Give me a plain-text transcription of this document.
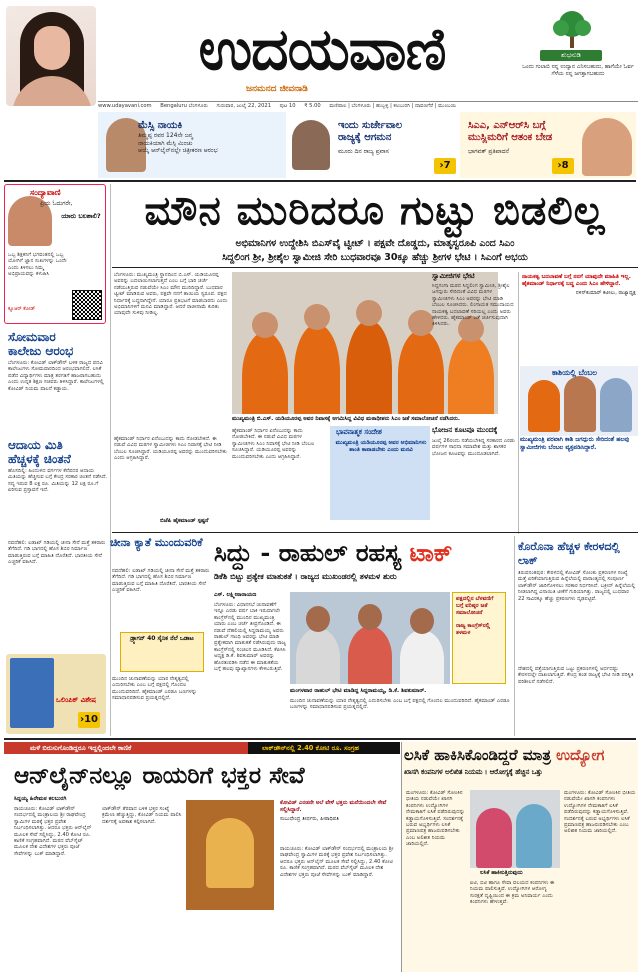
ಉದಯವಾಣಿ
ಜನಮನದ ಜೀವನಾಡಿ
ಶುಭನುಡಿ
ಒಂದು ಗುಲಾಬಿ ನನ್ನ ಉದ್ಯಾನ ಎನಿಸಬಹುದು, ಹಾಗೆಯೇ ಓರ್ವ ಗೆಳೆಯ ನನ್ನ ಜಗತ್ತಾಗಬಹುದು
www.udayavani.com Bengaluru ಬೆಂಗಳೂರು ಗುರುವಾರ, ಜುಲೈ 22, 2021 ಪುಟ 10 ₹ 5.00 ಮಣಿಪಾಲ | ಬೆಂಗಳೂರು | ಹುಬ್ಬಳ್ಳಿ | ಕಲಬುರಗಿ | ದಾವಣಗೆರೆ | ಮುಂಬಯಿ
ಮೆಸ್ಸಿ ನಾಯಕಿ
ತಿಮ್ಮಪ್ಪ ರವರ 124ನೇ ಜನ್ಮ
ನಾಯಕಿಯಾಗಿ ಮೆಸ್ಸಿ ಮಿಂಚು
ಆಯ್ಕೆ ಆನ್‌ಲೈನ್‌ನಲ್ಲೇ ಚಿತ್ರೀಕರಣ ಆರಂಭ
ಇಂದು ಸುರ್ಜೇವಾಲ
ರಾಜ್ಯಕ್ಕೆ ಆಗಮನ
ಮೂರು ದಿನ ರಾಜ್ಯ ಪ್ರವಾಸ
›7
ಸಿಎಎ, ಎನ್‌ಆರ್‌ಸಿ ಬಗ್ಗೆ
ಮುಸ್ಲಿಮರಿಗೆ ಆತಂಕ ಬೇಡ
ಭಾಗವತ್ ಪ್ರತಿಪಾದನೆ
›8
ಸಂದ್ಯಾವಾಣಿ
ಪ್ರಿಯ ಓದುಗರೇ,
ಯಾರು ಬಲಶಾಲಿ?
ಒಬ್ಬ ಶಿಕ್ಷಕನಿಗೆ ಭಗವಂತನಲ್ಲಿ ಒಬ್ಬ ಯೋಗಿಗೆ ಜ್ಞಾನ ಸುಖಗಳನ್ನು ಒಂದೇ ಎಂದು ತಿಳಿಸಲು ನಿಮ್ಮ ಅಭಿಪ್ರಾಯವನ್ನು ಕಳುಹಿಸಿ
ಕ್ಯೂಆರ್ ಕೋಡ್
ಸೋಮವಾರ
ಕಾಲೇಜು ಆರಂಭ
ಬೆಂಗಳೂರು: ಕೋವಿಡ್ ಲಾಕ್‌ಡೌನ್ ಬಳಿಕ ರಾಜ್ಯದ ಪದವಿ ಕಾಲೇಜುಗಳು ಸೋಮವಾರದಿಂದ ಆರಂಭವಾಗಲಿದೆ. ಲಸಿಕೆ ಪಡೆದ ವಿದ್ಯಾರ್ಥಿಗಳು ಮಾತ್ರ ತರಗತಿಗೆ ಹಾಜರಾಗಬಹುದು ಎಂದು ಉನ್ನತ ಶಿಕ್ಷಣ ಸಚಿವರು ತಿಳಿಸಿದ್ದಾರೆ. ಕಾಲೇಜುಗಳಲ್ಲಿ ಕೋವಿಡ್ ನಿಯಮ ಪಾಲನೆ ಕಡ್ಡಾಯ.
ಆದಾಯ ಮಿತಿ
ಹೆಚ್ಚಳಕ್ಕೆ ಚಿಂತನೆ
ಹೊಸದಿಲ್ಲಿ: ಹಿಂದುಳಿದ ವರ್ಗಗಳ ಕೆನೆಪದರ ಆದಾಯ ಮಿತಿಯನ್ನು ಹೆಚ್ಚಿಸುವ ಬಗ್ಗೆ ಕೇಂದ್ರ ಸರಕಾರ ಚಿಂತನೆ ನಡೆಸಿದೆ. ಸದ್ಯ ಇರುವ 8 ಲಕ್ಷ ರೂ. ಮಿತಿಯನ್ನು 12 ಲಕ್ಷ ರೂ.ಗೆ ಏರಿಸುವ ಪ್ರಸ್ತಾವನೆ ಇದೆ.
ನವದೆಹಲಿ: ಲಡಾಖ್ ಗಡಿಯಲ್ಲಿ ಚೀನಾ ಸೇನೆ ಮತ್ತೆ ತಕರಾರು ತೆಗೆದಿದೆ. ಗಡಿ ಭಾಗದಲ್ಲಿ ಹೊಸ ಶಿಬಿರ ನಿರ್ಮಾಣ ಮಾಡುತ್ತಿರುವ ಬಗ್ಗೆ ಮಾಹಿತಿ ದೊರೆತಿದೆ. ಭಾರತೀಯ ಸೇನೆ ಎಚ್ಚರಿಕೆ ವಹಿಸಿದೆ.
›10
ಒಲಿಂಪಿಕ್ ವಿಶೇಷ
ಮೌನ ಮುರಿದರೂ ಗುಟ್ಟು ಬಿಡಲಿಲ್ಲ
ಅಭಿಮಾನಿಗಳ ಉದ್ದೇಶಿಸಿ ಬಿಎಸ್‌ವೈ ಟ್ವೀಟ್ । ಪಕ್ಷವೇ ದೊಡ್ಡದು, ಮಾತೃಸ್ವರೂಪಿ ಎಂದ ಸಿಎಂ
ಸಿದ್ದಲಿಂಗ ಶ್ರೀ, ಶ್ರೀಶೈಲ ಸ್ವಾಮೀಜಿ ಸೇರಿ ಬುಧವಾರವೂ 30ಕ್ಕೂ ಹೆಚ್ಚು ಶ್ರೀಗಳ ಭೇಟಿ । ಸಿಎಂಗೆ ಅಭಯ
ಬೆಂಗಳೂರು: ಮುಖ್ಯಮಂತ್ರಿ ಸ್ಥಾನದಿಂದ ಬಿ.ಎಸ್. ಯಡಿಯೂರಪ್ಪ ಅವರನ್ನು ಬದಲಾಯಿಸಲಾಗುತ್ತದೆ ಎಂಬ ಬಗ್ಗೆ ಭಾರಿ ಚರ್ಚೆ ನಡೆಯುತ್ತಿರುವ ನಡುವೆಯೇ ಸಿಎಂ ಮೌನ ಮುರಿದಿದ್ದಾರೆ. ಬುಧವಾರ ಟ್ವೀಟ್ ಮಾಡಿರುವ ಅವರು, ಪಕ್ಷವೇ ನನಗೆ ತಾಯಿಯ ಸ್ವರೂಪ. ಪಕ್ಷದ ನಿರ್ಧಾರಕ್ಕೆ ಬದ್ಧನಾಗಿದ್ದೇನೆ. ಯಾರೂ ಪ್ರತಿಭಟನೆ ಮಾಡಬಾರದು ಎಂದು ಅಭಿಮಾನಿಗಳಿಗೆ ಮನವಿ ಮಾಡಿದ್ದಾರೆ. ಆದರೆ ರಾಜೀನಾಮೆ ಕುರಿತು ಯಾವುದೇ ಸುಳಿವು ನೀಡಿಲ್ಲ.
ಹೈಕಮಾಂಡ್ ನಿರ್ಧಾರ ಏನೆಂಬುದನ್ನು ಕಾದು ನೋಡಬೇಕಿದೆ. ಈ ನಡುವೆ ವಿವಿಧ ಮಠಗಳ ಸ್ವಾಮೀಜಿಗಳು ಸಿಎಂ ನಿವಾಸಕ್ಕೆ ಭೇಟಿ ನೀಡಿ ಬೆಂಬಲ ಸೂಚಿಸಿದ್ದಾರೆ. ಯಡಿಯೂರಪ್ಪ ಅವರನ್ನು ಮುಂದುವರಿಸಬೇಕು ಎಂದು ಆಗ್ರಹಿಸಿದ್ದಾರೆ.
ಬಿಜೆಪಿ ಹೈಕಮಾಂಡ್ ಸ್ಪಷ್ಟನೆ
ಮುಖ್ಯಮಂತ್ರಿ ಬಿ.ಎಸ್. ಯಡಿಯೂರಪ್ಪ ಅವರ ನಿವಾಸಕ್ಕೆ ಆಗಮಿಸಿದ್ದ ವಿವಿಧ ಮಠಾಧೀಶರು ಸಿಎಂ ಜತೆ ಸಮಾಲೋಚನೆ ನಡೆಸಿದರು.
ಸ್ವಾಮೀಜಿಗಳ ಭೇಟಿ
ಸಿದ್ದಗಂಗಾ ಮಠದ ಸಿದ್ದಲಿಂಗ ಸ್ವಾಮೀಜಿ, ಶ್ರೀಶೈಲ ಜಗದ್ಗುರು ಸೇರಿದಂತೆ ವಿವಿಧ ಮಠಗಳ ಸ್ವಾಮೀಜಿಗಳು ಸಿಎಂ ಅವರನ್ನು ಭೇಟಿ ಮಾಡಿ ಬೆಂಬಲ ಸೂಚಿಸಿದರು. ಲಿಂಗಾಯತ ಸಮುದಾಯದ ನಾಯಕತ್ವ ಬದಲಾವಣೆ ಸರಿಯಲ್ಲ ಎಂದು ಅವರು ಹೇಳಿದರು. ಹೈಕಮಾಂಡ್ ಜತೆ ಚರ್ಚಿಸುವುದಾಗಿ ತಿಳಿಸಿದರು.
ನಾಯಕತ್ವ ಬದಲಾವಣೆ ಬಗ್ಗೆ ನನಗೆ ಯಾವುದೇ ಮಾಹಿತಿ ಇಲ್ಲ. ಹೈಕಮಾಂಡ್ ನಿರ್ಧಾರಕ್ಕೆ ಬದ್ಧ ಎಂದು ಸಿಎಂ ಹೇಳಿದ್ದಾರೆ.
ನಳಿನ್‌ಕುಮಾರ್ ಕಟೀಲು, ರಾಜ್ಯಾಧ್ಯಕ್ಷ
ಕಾಶಿಯಲ್ಲಿ ಬೆಂಬಲ
ಮುಖ್ಯಮಂತ್ರಿ ಪರವಾಗಿ ಕಾಶಿ ಜಗದ್ಗುರು ಸೇರಿದಂತೆ ಹಲವು ಸ್ವಾಮೀಜಿಗಳು ಬೆಂಬಲ ವ್ಯಕ್ತಪಡಿಸಿದ್ದಾರೆ.
ಭಾವನಾತ್ಮಕ ಸಂದೇಶ
ಮುಖ್ಯಮಂತ್ರಿ ಯಡಿಯೂರಪ್ಪ ಅವರ ಅಭಿಮಾನಿಗಳು ಶಾಂತಿ ಕಾಪಾಡಬೇಕು ಎಂದು ಮನವಿ
ಹೈಕಮಾಂಡ್ ನಿರ್ಧಾರ ಏನೆಂಬುದನ್ನು ಕಾದು ನೋಡಬೇಕಿದೆ. ಈ ನಡುವೆ ವಿವಿಧ ಮಠಗಳ ಸ್ವಾಮೀಜಿಗಳು ಸಿಎಂ ನಿವಾಸಕ್ಕೆ ಭೇಟಿ ನೀಡಿ ಬೆಂಬಲ ಸೂಚಿಸಿದ್ದಾರೆ. ಯಡಿಯೂರಪ್ಪ ಅವರನ್ನು ಮುಂದುವರಿಸಬೇಕು ಎಂದು ಆಗ್ರಹಿಸಿದ್ದಾರೆ.
ಭೋಜನ ಕೂಟವೂ ಮುಂದಕ್ಕೆ
ಜುಲೈ 26ರಂದು ನಡೆಯಬೇಕಿದ್ದ ಸರಕಾರದ ಎರಡು ವರ್ಷಗಳ ಸಾಧನಾ ಸಮಾವೇಶ ಮತ್ತು ಶಾಸಕರ ಭೋಜನ ಕೂಟವನ್ನು ಮುಂದೂಡಲಾಗಿದೆ.
ಚೀನಾ ಕ್ಯಾತೆ ಮುಂದುವರಿಕೆ
ನವದೆಹಲಿ: ಲಡಾಖ್ ಗಡಿಯಲ್ಲಿ ಚೀನಾ ಸೇನೆ ಮತ್ತೆ ತಕರಾರು ತೆಗೆದಿದೆ. ಗಡಿ ಭಾಗದಲ್ಲಿ ಹೊಸ ಶಿಬಿರ ನಿರ್ಮಾಣ ಮಾಡುತ್ತಿರುವ ಬಗ್ಗೆ ಮಾಹಿತಿ ದೊರೆತಿದೆ. ಭಾರತೀಯ ಸೇನೆ ಎಚ್ಚರಿಕೆ ವಹಿಸಿದೆ.
ಡ್ರ್ಯಾಗನ್ 40 ಸೈನಿಕ ನೆಲೆ ಒಡಾಟ
ಮುಂದಿನ ಚುನಾವಣೆಯನ್ನು ಯಾರ ನೇತೃತ್ವದಲ್ಲಿ ಎದುರಿಸಬೇಕು ಎಂಬ ಬಗ್ಗೆ ಪಕ್ಷದಲ್ಲಿ ಗೊಂದಲ ಮುಂದುವರಿದಿದೆ. ಹೈಕಮಾಂಡ್ ಎರಡೂ ಬಣಗಳನ್ನು ಸಮಾಧಾನಪಡಿಸುವ ಪ್ರಯತ್ನದಲ್ಲಿದೆ.
ಸಿದ್ದು - ರಾಹುಲ್ ರಹಸ್ಯ ಟಾಕ್
ಡಿಕೆಶಿ ಬಿಟ್ಟು ಪ್ರತ್ಯೇಕ ಮಾತುಕತೆ । ರಾಜ್ಯದ ಮುಖಂಡರಲ್ಲಿ ತಳಮಳ ಶುರು
ಎಸ್. ಲಕ್ಷ್ಮೀನಾರಾಯಣ
ಬೆಂಗಳೂರು: ವಿಧಾನಸಭೆ ಚುನಾವಣೆಗೆ ಇನ್ನೂ ಎರಡು ವರ್ಷ ಬಾಕಿ ಇರುವಾಗಲೇ ಕಾಂಗ್ರೆಸ್‌ನಲ್ಲಿ ಮುಂದಿನ ಮುಖ್ಯಮಂತ್ರಿ ಯಾರು ಎಂಬ ಚರ್ಚೆ ತೀವ್ರಗೊಂಡಿದೆ. ಈ ನಡುವೆ ದೆಹಲಿಯಲ್ಲಿ ಸಿದ್ದರಾಮಯ್ಯ ಅವರು ರಾಹುಲ್ ಗಾಂಧಿ ಅವರನ್ನು ಭೇಟಿ ಮಾಡಿ ಪ್ರತ್ಯೇಕವಾಗಿ ಮಾತುಕತೆ ನಡೆಸಿರುವುದು ರಾಜ್ಯ ಕಾಂಗ್ರೆಸ್‌ನಲ್ಲಿ ಸಂಚಲನ ಮೂಡಿಸಿದೆ. ಕೆಪಿಸಿಸಿ ಅಧ್ಯಕ್ಷ ಡಿ.ಕೆ. ಶಿವಕುಮಾರ್ ಅವರನ್ನು ಹೊರತುಪಡಿಸಿ ನಡೆದ ಈ ಮಾತುಕತೆಯ ಬಗ್ಗೆ ಹಲವು ವ್ಯಾಖ್ಯಾನಗಳು ಕೇಳಿಬರುತ್ತಿವೆ.
ಮಂಗಳವಾರ ರಾಹುಲ್ ಭೇಟಿ ಮಾಡಿದ್ದ ಸಿದ್ದರಾಮಯ್ಯ, ಡಿ.ಕೆ. ಶಿವಕುಮಾರ್.
ಪಕ್ಷದಲ್ಲಿನ ಬೆಳವಣಿಗೆ ಬಗ್ಗೆ ವರಿಷ್ಠರ ಜತೆ ಸಮಾಲೋಚನೆ
ರಾಜ್ಯ ಕಾಂಗ್ರೆಸ್‌ನಲ್ಲಿ ತಳಮಳ
ಮುಂದಿನ ಚುನಾವಣೆಯನ್ನು ಯಾರ ನೇತೃತ್ವದಲ್ಲಿ ಎದುರಿಸಬೇಕು ಎಂಬ ಬಗ್ಗೆ ಪಕ್ಷದಲ್ಲಿ ಗೊಂದಲ ಮುಂದುವರಿದಿದೆ. ಹೈಕಮಾಂಡ್ ಎರಡೂ ಬಣಗಳನ್ನು ಸಮಾಧಾನಪಡಿಸುವ ಪ್ರಯತ್ನದಲ್ಲಿದೆ.
ಕೊರೊನಾ ಹೆಚ್ಚಳ ಕೇರಳದಲ್ಲಿ ಲಾಕ್
ತಿರುವನಂತಪುರ: ಕೇರಳದಲ್ಲಿ ಕೋವಿಡ್ ಸೋಂಕು ಪ್ರಕರಣಗಳ ಸಂಖ್ಯೆ ಮತ್ತೆ ಏರಿಕೆಯಾಗುತ್ತಿರುವ ಹಿನ್ನೆಲೆಯಲ್ಲಿ ವಾರಾಂತ್ಯದಲ್ಲಿ ಸಂಪೂರ್ಣ ಲಾಕ್‌ಡೌನ್ ಜಾರಿಗೊಳಿಸಲು ಸರಕಾರ ನಿರ್ಧರಿಸಿದೆ. ಬಕ್ರೀದ್ ಹಿನ್ನೆಲೆಯಲ್ಲಿ ನೀಡಲಾಗಿದ್ದ ವಿನಾಯಿತಿ ಟೀಕೆಗೆ ಗುರಿಯಾಗಿತ್ತು. ರಾಜ್ಯದಲ್ಲಿ ಬುಧವಾರ 22 ಸಾವಿರಕ್ಕೂ ಹೆಚ್ಚು ಪ್ರಕರಣಗಳು ದೃಢಪಟ್ಟಿವೆ.
ದೇಶದಲ್ಲಿ ಪತ್ತೆಯಾಗುತ್ತಿರುವ ಒಟ್ಟು ಪ್ರಕರಣಗಳಲ್ಲಿ ಅರ್ಧದಷ್ಟು ಕೇರಳದಲ್ಲೇ ದಾಖಲಾಗುತ್ತಿವೆ. ಕೇಂದ್ರ ತಂಡ ರಾಜ್ಯಕ್ಕೆ ಭೇಟಿ ನೀಡಿ ಪರಿಸ್ಥಿತಿ ಪರಿಶೀಲನೆ ನಡೆಸಲಿದೆ.
ಮಳೆ ಬಿರುಸುಗೊಂಡಿದ್ದರೂ ಇದ್ದಲ್ಲಿಂದಲೇ ಕಾಣಿಕೆ	ಲಾಕ್‌ಡೌನ್‌ನಲ್ಲಿ 2.40 ಕೋಟಿ ರೂ. ಸಂಗ್ರಹ
ಆನ್‌ಲೈನ್‌ನಲ್ಲೂ ರಾಯರಿಗೆ ಭಕ್ತರ ಸೇವೆ
ಸಿದ್ದಯ್ಯ ಹಿರೇಮಠ ಕಲಬುರಗಿ
ರಾಯಚೂರು: ಕೋವಿಡ್ ಲಾಕ್‌ಡೌನ್ ಸಂದರ್ಭದಲ್ಲಿ ಮಂತ್ರಾಲಯ ಶ್ರೀ ರಾಘವೇಂದ್ರ ಸ್ವಾಮಿಗಳ ಮಠಕ್ಕೆ ಭಕ್ತರ ಪ್ರವೇಶ ನಿರ್ಬಂಧಿಸಲಾಗಿತ್ತು. ಆದರೂ ಭಕ್ತರು ಆನ್‌ಲೈನ್ ಮೂಲಕ ಸೇವೆ ಸಲ್ಲಿಸಿದ್ದು, 2.40 ಕೋಟಿ ರೂ. ಕಾಣಿಕೆ ಸಂಗ್ರಹವಾಗಿದೆ. ಮಠದ ವೆಬ್‌ಸೈಟ್ ಮೂಲಕ ದೇಶ ವಿದೇಶಗಳ ಭಕ್ತರು ಪೂಜೆ ಸೇವೆಗಳನ್ನು ಬುಕ್ ಮಾಡಿದ್ದಾರೆ.
ಲಾಕ್‌ಡೌನ್ ತೆರವಾದ ಬಳಿಕ ಭಕ್ತರ ಸಂಖ್ಯೆ ಕ್ರಮೇಣ ಹೆಚ್ಚುತ್ತಿದ್ದು, ಕೋವಿಡ್ ನಿಯಮ ಪಾಲಿಸಿ ದರ್ಶನಕ್ಕೆ ಅವಕಾಶ ಕಲ್ಪಿಸಲಾಗಿದೆ.
ಕೋವಿಡ್ ಎರಡನೇ ಅಲೆ ವೇಳೆ ಭಕ್ತರು ಮನೆಯಿಂದಲೇ ಸೇವೆ ಸಲ್ಲಿಸಿದ್ದಾರೆ.
ಸುಬುಧೇಂದ್ರ ತೀರ್ಥರು, ಪೀಠಾಧಿಪತಿ
ರಾಯಚೂರು: ಕೋವಿಡ್ ಲಾಕ್‌ಡೌನ್ ಸಂದರ್ಭದಲ್ಲಿ ಮಂತ್ರಾಲಯ ಶ್ರೀ ರಾಘವೇಂದ್ರ ಸ್ವಾಮಿಗಳ ಮಠಕ್ಕೆ ಭಕ್ತರ ಪ್ರವೇಶ ನಿರ್ಬಂಧಿಸಲಾಗಿತ್ತು. ಆದರೂ ಭಕ್ತರು ಆನ್‌ಲೈನ್ ಮೂಲಕ ಸೇವೆ ಸಲ್ಲಿಸಿದ್ದು, 2.40 ಕೋಟಿ ರೂ. ಕಾಣಿಕೆ ಸಂಗ್ರಹವಾಗಿದೆ. ಮಠದ ವೆಬ್‌ಸೈಟ್ ಮೂಲಕ ದೇಶ ವಿದೇಶಗಳ ಭಕ್ತರು ಪೂಜೆ ಸೇವೆಗಳನ್ನು ಬುಕ್ ಮಾಡಿದ್ದಾರೆ.
ಲಸಿಕೆ ಹಾಕಿಸಿಕೊಂಡಿದ್ದರೆ ಮಾತ್ರ ಉದ್ಯೋಗ
ಖಾಸಗಿ ಕಂಪನಿಗಳ ಅಲಿಖಿತ ನಿಯಮ । ಆರೋಗ್ಯಕ್ಕೆ ಹೆಚ್ಚಿನ ಒತ್ತು
ಮಂಗಳೂರು: ಕೋವಿಡ್ ಸೋಂಕಿನ ಭೀತಿಯ ನಡುವೆಯೇ ಖಾಸಗಿ ಕಂಪನಿಗಳು ಉದ್ಯೋಗಿಗಳ ನೇಮಕಾತಿಗೆ ಲಸಿಕೆ ಪಡೆದಿರುವುದನ್ನು ಕಡ್ಡಾಯಗೊಳಿಸುತ್ತಿವೆ. ಸಂದರ್ಶನಕ್ಕೆ ಬರುವ ಅಭ್ಯರ್ಥಿಗಳು ಲಸಿಕೆ ಪ್ರಮಾಣಪತ್ರ ಹಾಜರುಪಡಿಸಬೇಕು ಎಂಬ ಅಲಿಖಿತ ನಿಯಮ ಜಾರಿಯಲ್ಲಿದೆ.
ಲಸಿಕೆ ಹಾಕಿಸುತ್ತಿರುವುದು
ಐಟಿ, ಬಿಟಿ ಹಾಗೂ ಸೇವಾ ವಲಯದ ಕಂಪನಿಗಳು ಈ ನಿಯಮ ಪಾಲಿಸುತ್ತಿವೆ. ಉದ್ಯೋಗಿಗಳ ಆರೋಗ್ಯ ಸುರಕ್ಷತೆ ದೃಷ್ಟಿಯಿಂದ ಈ ಕ್ರಮ ಅನಿವಾರ್ಯ ಎಂದು ಕಂಪನಿಗಳು ಹೇಳುತ್ತವೆ.
ಮಂಗಳೂರು: ಕೋವಿಡ್ ಸೋಂಕಿನ ಭೀತಿಯ ನಡುವೆಯೇ ಖಾಸಗಿ ಕಂಪನಿಗಳು ಉದ್ಯೋಗಿಗಳ ನೇಮಕಾತಿಗೆ ಲಸಿಕೆ ಪಡೆದಿರುವುದನ್ನು ಕಡ್ಡಾಯಗೊಳಿಸುತ್ತಿವೆ. ಸಂದರ್ಶನಕ್ಕೆ ಬರುವ ಅಭ್ಯರ್ಥಿಗಳು ಲಸಿಕೆ ಪ್ರಮಾಣಪತ್ರ ಹಾಜರುಪಡಿಸಬೇಕು ಎಂಬ ಅಲಿಖಿತ ನಿಯಮ ಜಾರಿಯಲ್ಲಿದೆ.
